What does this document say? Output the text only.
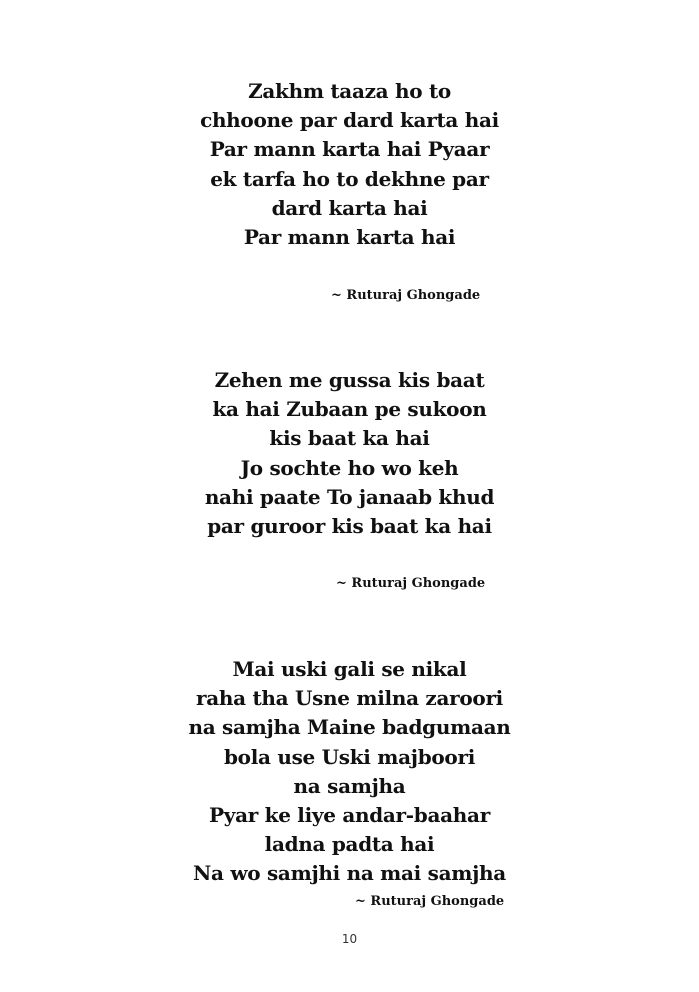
Zakhm taaza ho to
chhoone par dard karta hai
Par mann karta hai Pyaar
ek tarfa ho to dekhne par
dard karta hai
Par mann karta hai
~ Ruturaj Ghongade
Zehen me gussa kis baat
ka hai Zubaan pe sukoon
kis baat ka hai
Jo sochte ho wo keh
nahi paate To janaab khud
par guroor kis baat ka hai
~ Ruturaj Ghongade
Mai uski gali se nikal
raha tha Usne milna zaroori
na samjha Maine badgumaan
bola use Uski majboori
na samjha
Pyar ke liye andar-baahar
ladna padta hai
Na wo samjhi na mai samjha
~ Ruturaj Ghongade
10
